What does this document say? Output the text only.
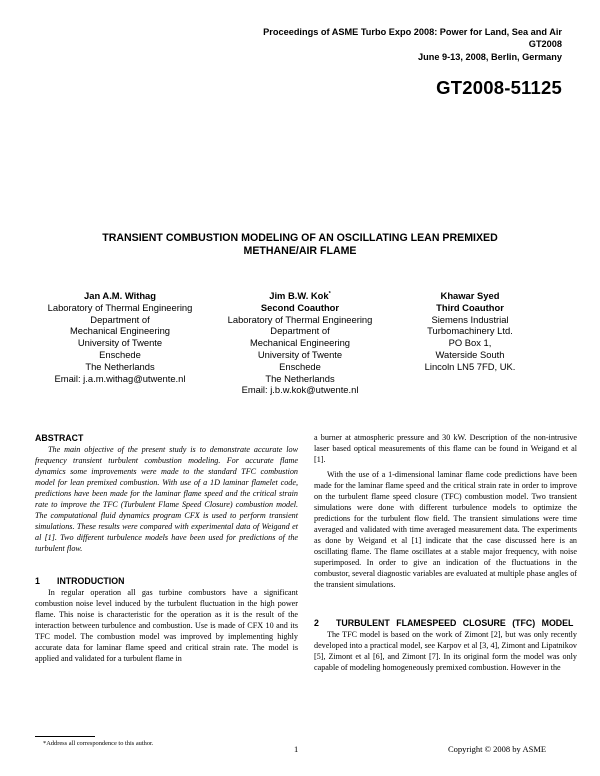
Proceedings of ASME Turbo Expo 2008: Power for Land, Sea and Air
GT2008
June 9-13, 2008, Berlin, Germany
GT2008-51125
TRANSIENT COMBUSTION MODELING OF AN OSCILLATING LEAN PREMIXED
METHANE/AIR FLAME
Jan A.M. Withag
Laboratory of Thermal Engineering
Department of
Mechanical Engineering
University of Twente
Enschede
The Netherlands
Email: j.a.m.withag@utwente.nl
Jim B.W. Kok*
Second Coauthor
Laboratory of Thermal Engineering
Department of
Mechanical Engineering
University of Twente
Enschede
The Netherlands
Email: j.b.w.kok@utwente.nl
Khawar Syed
Third Coauthor
Siemens Industrial
Turbomachinery Ltd.
PO Box 1,
Waterside South
Lincoln LN5 7FD, UK.
ABSTRACT

The main objective of the present study is to demonstrate accurate low frequency transient turbulent combustion modeling. For accurate flame dynamics some improvements were made to the standard TFC combustion model for lean premixed combustion. With use of a 1D laminar flamelet code, predictions have been made for the laminar flame speed and the critical strain rate to improve the TFC (Turbulent Flame Speed Closure) combustion model. The computational fluid dynamics program CFX is used to perform transient simulations. These results were compared with experimental data of Weigand et al [1]. Two different turbulence models have been used for predictions of the turbulent flow.

1 INTRODUCTION

In regular operation all gas turbine combustors have a significant combustion noise level induced by the turbulent fluctuation in the high power flame. This noise is characteristic for the operation as it is the result of the interaction between turbulence and combustion. Use is made of CFX 10 and its TFC model. The combustion model was improved by implementing highly accurate data for laminar flame speed and critical strain rate. The model is applied and validated for a turbulent flame in

a burner at atmospheric pressure and 30 kW. Description of the non-intrusive laser based optical measurements of this flame can be found in Weigand et al [1].

With the use of a 1-dimensional laminar flame code predictions have been made for the laminar flame speed and the critical strain rate in order to improve on the turbulent flame speed closure (TFC) combustion model. Two transient simulations were done with different turbulence models to optimize the predictions for the turbulent flow field. The transient simulations were time averaged and validated with time averaged measurement data. The experiments as done by Weigand et al [1] indicate that the case discussed here is an oscillating flame. The flame oscillates at a stable major frequency, with noise superimposed. In order to give an indication of the fluctuations in the combustor, several diagnostic variables are evaluated at multiple phase angles of the transient simulations.

2	TURBULENT FLAMESPEED CLOSURE (TFC) MODEL

The TFC model is based on the work of Zimont [2], but was only recently developed into a practical model, see Karpov et al [3, 4], Zimont and Lipatnikov [5], Zimont et al [6], and Zimont [7]. In its original form the model was only capable of modeling homogeneously premixed combustion. However in the

*Address all correspondence to this author.
1	Copyright © 2008 by ASME
